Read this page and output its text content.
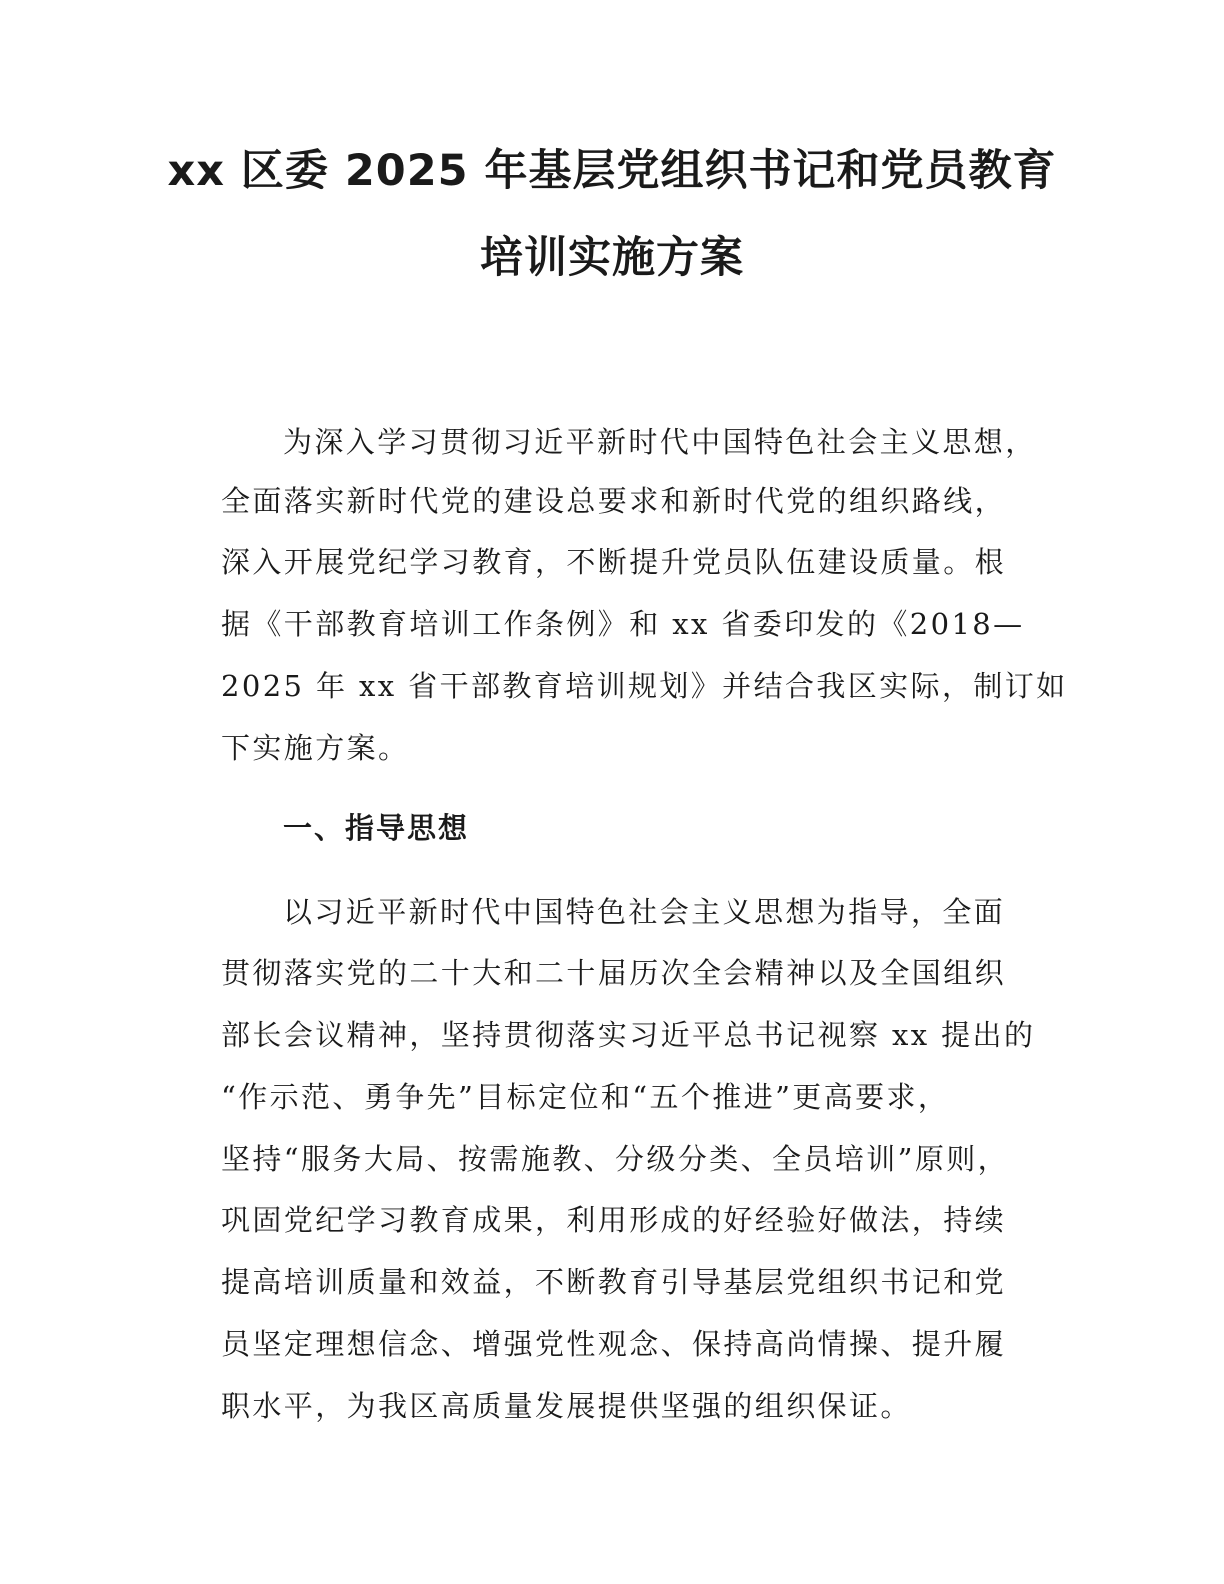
xx 区委 2025 年基层党组织书记和党员教育
培训实施方案

为深入学习贯彻习近平新时代中国特色社会主义思想，

全面落实新时代党的建设总要求和新时代党的组织路线，

深入开展党纪学习教育，不断提升党员队伍建设质量。根

据《干部教育培训工作条例》和 xx 省委印发的《2018—

2025 年 xx 省干部教育培训规划》并结合我区实际，制订如

下实施方案。

一、指导思想

以习近平新时代中国特色社会主义思想为指导，全面

贯彻落实党的二十大和二十届历次全会精神以及全国组织

部长会议精神，坚持贯彻落实习近平总书记视察 xx 提出的

“作示范、勇争先”目标定位和“五个推进”更高要求，

坚持“服务大局、按需施教、分级分类、全员培训”原则，

巩固党纪学习教育成果，利用形成的好经验好做法，持续

提高培训质量和效益，不断教育引导基层党组织书记和党

员坚定理想信念、增强党性观念、保持高尚情操、提升履

职水平，为我区高质量发展提供坚强的组织保证。
